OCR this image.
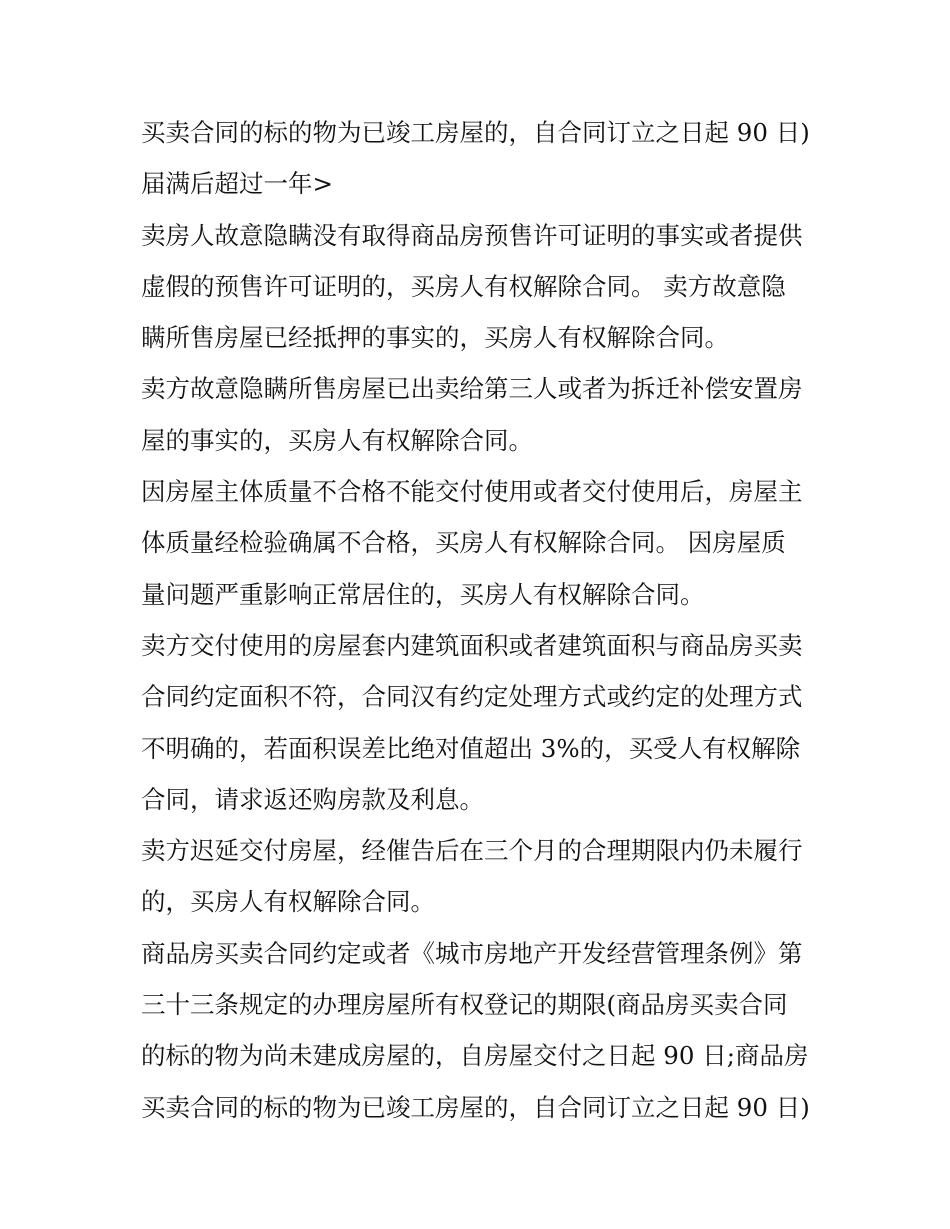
买卖合同的标的物为已竣工房屋的，自合同订立之日起 90 日)
届满后超过一年>
卖房人故意隐瞒没有取得商品房预售许可证明的事实或者提供
虚假的预售许可证明的，买房人有权解除合同。 卖方故意隐
瞒所售房屋已经抵押的事实的，买房人有权解除合同。
卖方故意隐瞒所售房屋已出卖给第三人或者为拆迁补偿安置房
屋的事实的，买房人有权解除合同。
因房屋主体质量不合格不能交付使用或者交付使用后，房屋主
体质量经检验确属不合格，买房人有权解除合同。 因房屋质
量问题严重影响正常居住的，买房人有权解除合同。
卖方交付使用的房屋套内建筑面积或者建筑面积与商品房买卖
合同约定面积不符，合同汉有约定处理方式或约定的处理方式
不明确的，若面积误差比绝对值超出 3%的，买受人有权解除
合同，请求返还购房款及利息。
卖方迟延交付房屋，经催告后在三个月的合理期限内仍未履行
的，买房人有权解除合同。
商品房买卖合同约定或者《城市房地产开发经营管理条例》第
三十三条规定的办理房屋所有权登记的期限(商品房买卖合同
的标的物为尚未建成房屋的，自房屋交付之日起 90 日;商品房
买卖合同的标的物为已竣工房屋的，自合同订立之日起 90 日)
